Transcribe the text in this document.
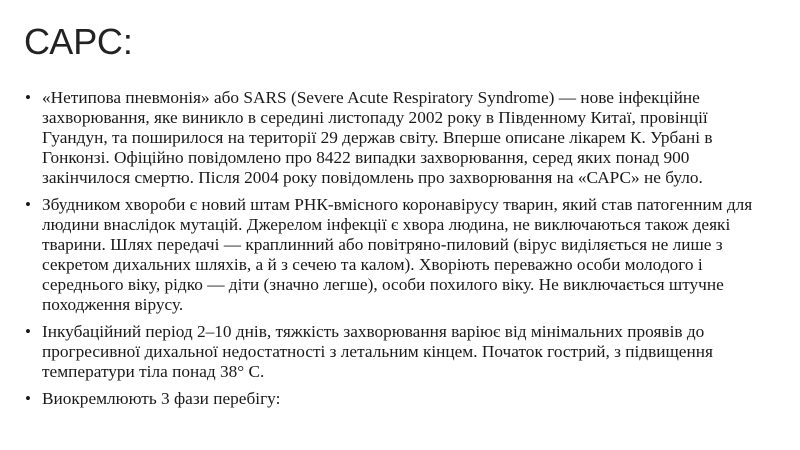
САРС:
• «Нетипова пневмонія» або SARS (Severe Acute Respiratory Syndrome) — нове інфекційне захворювання, яке виникло в середині листопаду 2002 року в Південному Китаї, провінції Гуандун, та поширилося на території 29 держав світу. Вперше описане лікарем К. Урбані в Гонконзі. Офіційно повідомлено про 8422 випадки захворювання, серед яких понад 900 закінчилося смертю. Після 2004 року повідомлень про захворювання на «САРС» не було.
• Збудником хвороби є новий штам РНК-вмісного коронавірусу тварин, який став патогенним для людини внаслідок мутацій. Джерелом інфекції є хвора людина, не виключаються також деякі тварини. Шлях передачі — краплинний або повітряно-пиловий (вірус виділяється не лише з секретом дихальних шляхів, а й з сечею та калом). Хворіють переважно особи молодого і середнього віку, рідко — діти (значно легше), особи похилого віку. Не виключається штучне походження вірусу.
• Інкубаційний період 2–10 днів, тяжкість захворювання варіює від мінімальних проявів до прогресивної дихальної недостатності з летальним кінцем. Початок гострий, з підвищення температури тіла понад 38° С.
• Виокремлюють 3 фази перебігу:
